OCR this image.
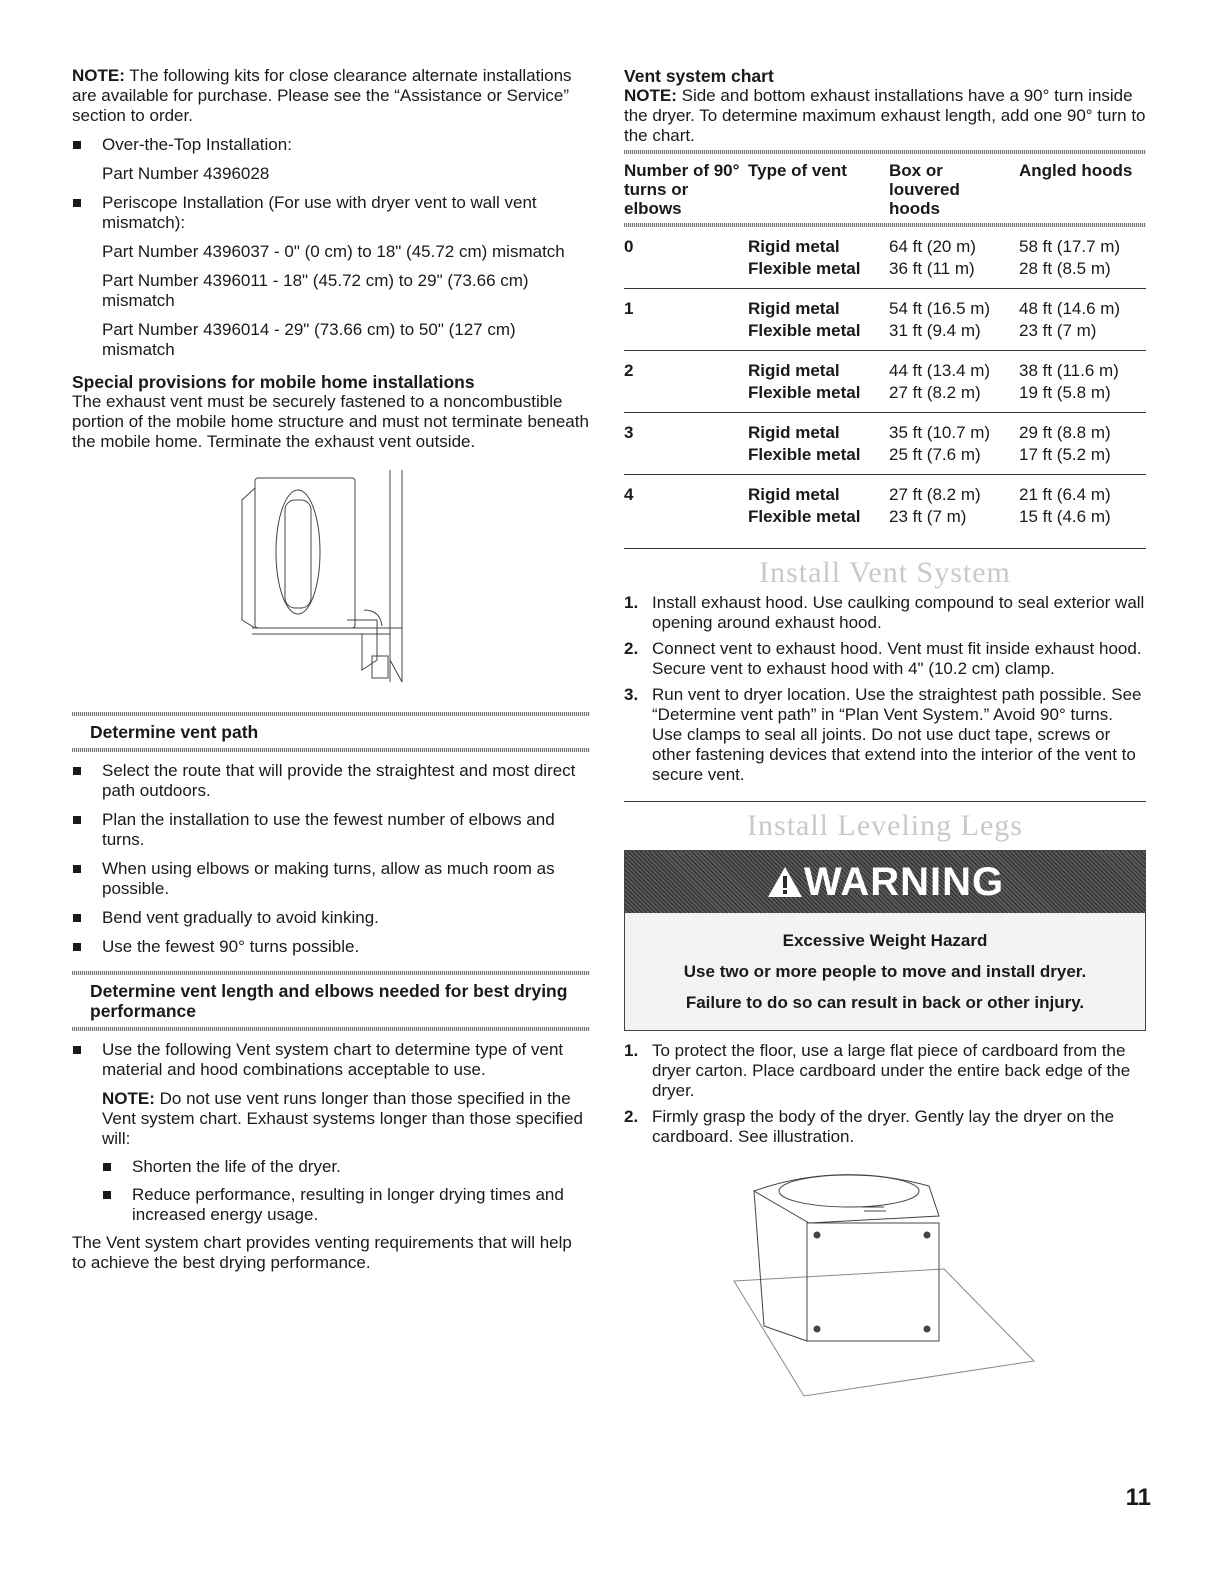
NOTE: The following kits for close clearance alternate installations are available for purchase. Please see the “Assistance or Service” section to order.

Over-the-Top Installation:

Part Number 4396028

Periscope Installation (For use with dryer vent to wall vent mismatch):

Part Number 4396037 - 0" (0 cm) to 18" (45.72 cm) mismatch

Part Number 4396011 - 18" (45.72 cm) to 29" (73.66 cm) mismatch

Part Number 4396014 - 29" (73.66 cm) to 50" (127 cm) mismatch

Special provisions for mobile home installations

The exhaust vent must be securely fastened to a noncombustible portion of the mobile home structure and must not terminate beneath the mobile home. Terminate the exhaust vent outside.

Determine vent path

Select the route that will provide the straightest and most direct path outdoors.
Plan the installation to use the fewest number of elbows and turns.
When using elbows or making turns, allow as much room as possible.
Bend vent gradually to avoid kinking.
Use the fewest 90° turns possible.

Determine vent length and elbows needed for best drying performance

Use the following Vent system chart to determine type of vent material and hood combinations acceptable to use.

NOTE: Do not use vent runs longer than those specified in the Vent system chart. Exhaust systems longer than those specified will:

Shorten the life of the dryer.
Reduce performance, resulting in longer drying times and increased energy usage.

The Vent system chart provides venting requirements that will help to achieve the best drying performance.

Vent system chart

NOTE: Side and bottom exhaust installations have a 90° turn inside the dryer. To determine maximum exhaust length, add one 90° turn to the chart.

Number of 90° turns or elbows	Type of vent	Box or louvered hoods	Angled hoods

0	Rigid metal	64 ft (20 m)	58 ft (17.7 m)
	Flexible metal	36 ft (11 m)	28 ft (8.5 m)
1	Rigid metal	54 ft (16.5 m)	48 ft (14.6 m)
	Flexible metal	31 ft (9.4 m)	23 ft (7 m)
2	Rigid metal	44 ft (13.4 m)	38 ft (11.6 m)
	Flexible metal	27 ft (8.2 m)	19 ft (5.8 m)
3	Rigid metal	35 ft (10.7 m)	29 ft (8.8 m)
	Flexible metal	25 ft (7.6 m)	17 ft (5.2 m)
4	Rigid metal	27 ft (8.2 m)	21 ft (6.4 m)
	Flexible metal	23 ft (7 m)	15 ft (4.6 m)

Install Vent System

1. Install exhaust hood. Use caulking compound to seal exterior wall opening around exhaust hood.
2. Connect vent to exhaust hood. Vent must fit inside exhaust hood. Secure vent to exhaust hood with 4" (10.2 cm) clamp.
3. Run vent to dryer location. Use the straightest path possible. See “Determine vent path” in “Plan Vent System.” Avoid 90° turns. Use clamps to seal all joints. Do not use duct tape, screws or other fastening devices that extend into the interior of the vent to secure vent.

Install Leveling Legs

WARNING
Excessive Weight Hazard
Use two or more people to move and install dryer.
Failure to do so can result in back or other injury.
1. To protect the floor, use a large flat piece of cardboard from the dryer carton. Place cardboard under the entire back edge of the dryer.
2. Firmly grasp the body of the dryer. Gently lay the dryer on the cardboard. See illustration.
11
